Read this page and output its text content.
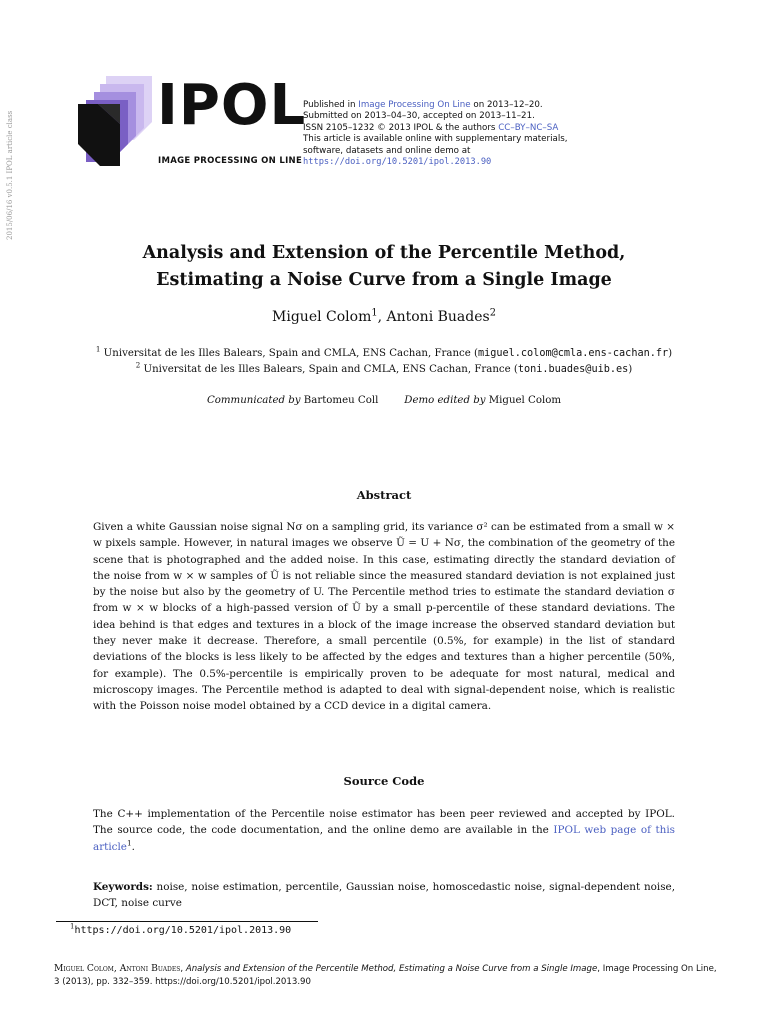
2015/06/16 v0.5.1 IPOL article class
IPOL
IMAGE PROCESSING ON LINE
Published in Image Processing On Line on 2013–12–20.
Submitted on 2013–04–30, accepted on 2013–11–21.
ISSN 2105–1232 © 2013 IPOL & the authors CC–BY–NC–SA
This article is available online with supplementary materials,
software, datasets and online demo at
https://doi.org/10.5201/ipol.2013.90
Analysis and Extension of the Percentile Method,
Estimating a Noise Curve from a Single Image
Miguel Colom$^1$, Antoni Buades$^2$
$^1$ Universitat de les Illes Balears, Spain and CMLA, ENS Cachan, France (miguel.colom@cmla.ens-cachan.fr)
$^2$ Universitat de les Illes Balears, Spain and CMLA, ENS Cachan, France (toni.buades@uib.es)
Communicated by Bartomeu Coll	Demo edited by Miguel Colom
Abstract
Given a white Gaussian noise signal Nσ on a sampling grid, its variance σ² can be estimated from a small w × w pixels sample. However, in natural images we observe Ũ = U + Nσ, the combination of the geometry of the scene that is photographed and the added noise. In this case, estimating directly the standard deviation of the noise from w × w samples of Ũ is not reliable since the measured standard deviation is not explained just by the noise but also by the geometry of U. The Percentile method tries to estimate the standard deviation σ from w × w blocks of a high-passed version of Ũ by a small p-percentile of these standard deviations. The idea behind is that edges and textures in a block of the image increase the observed standard deviation but they never make it decrease. Therefore, a small percentile (0.5%, for example) in the list of standard deviations of the blocks is less likely to be affected by the edges and textures than a higher percentile (50%, for example). The 0.5%-percentile is empirically proven to be adequate for most natural, medical and microscopy images. The Percentile method is adapted to deal with signal-dependent noise, which is realistic with the Poisson noise model obtained by a CCD device in a digital camera.
Source Code
The C++ implementation of the Percentile noise estimator has been peer reviewed and accepted by IPOL. The source code, the code documentation, and the online demo are available in the IPOL web page of this article$^1$.
Keywords: noise, noise estimation, percentile, Gaussian noise, homoscedastic noise, signal-dependent noise, DCT, noise curve
$^1$https://doi.org/10.5201/ipol.2013.90
Miguel Colom, Antoni Buades, Analysis and Extension of the Percentile Method, Estimating a Noise Curve from a Single Image, Image Processing On Line, 3 (2013), pp. 332–359. https://doi.org/10.5201/ipol.2013.90
